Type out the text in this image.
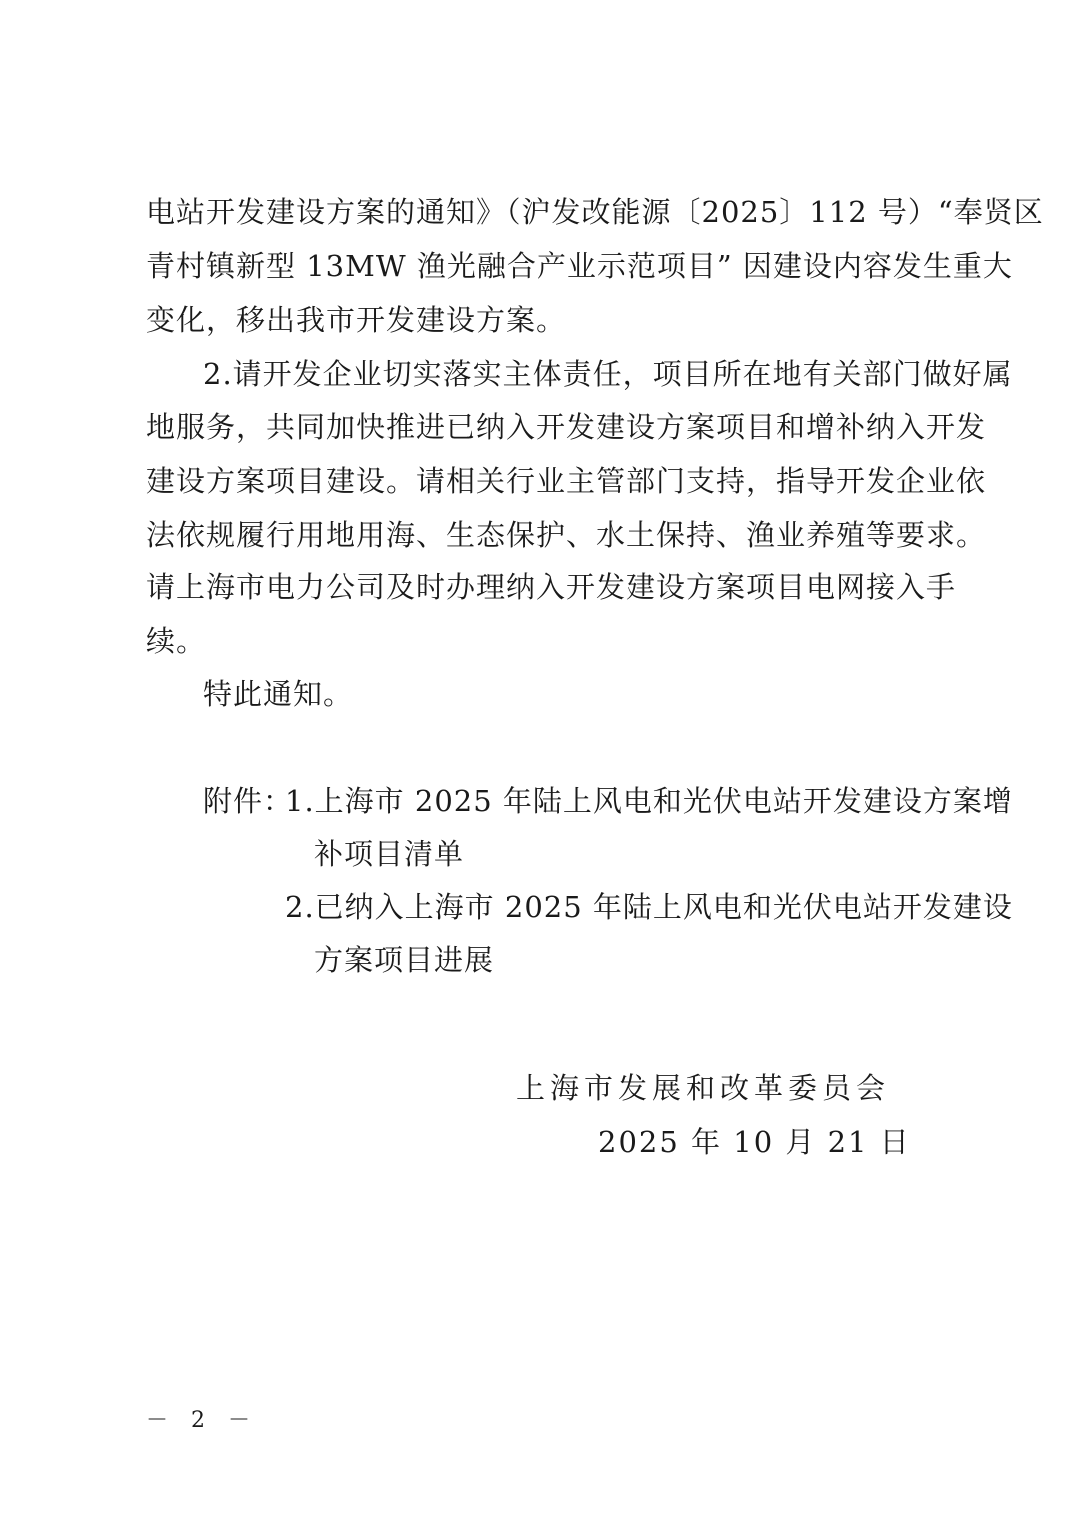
电站开发建设方案的通知》（沪发改能源〔2025〕112 号）“奉贤区
青村镇新型 13MW 渔光融合产业示范项目” 因建设内容发生重大
变化，移出我市开发建设方案。
2.请开发企业切实落实主体责任，项目所在地有关部门做好属
地服务，共同加快推进已纳入开发建设方案项目和增补纳入开发
建设方案项目建设。请相关行业主管部门支持，指导开发企业依
法依规履行用地用海、生态保护、水土保持、渔业养殖等要求。
请上海市电力公司及时办理纳入开发建设方案项目电网接入手
续。
特此通知。
附件：
1.上海市 2025 年陆上风电和光伏电站开发建设方案增
补项目清单
2.已纳入上海市 2025 年陆上风电和光伏电站开发建设
方案项目进展
上海市发展和改革委员会
2025 年 10 月 21 日
－ 2 －
